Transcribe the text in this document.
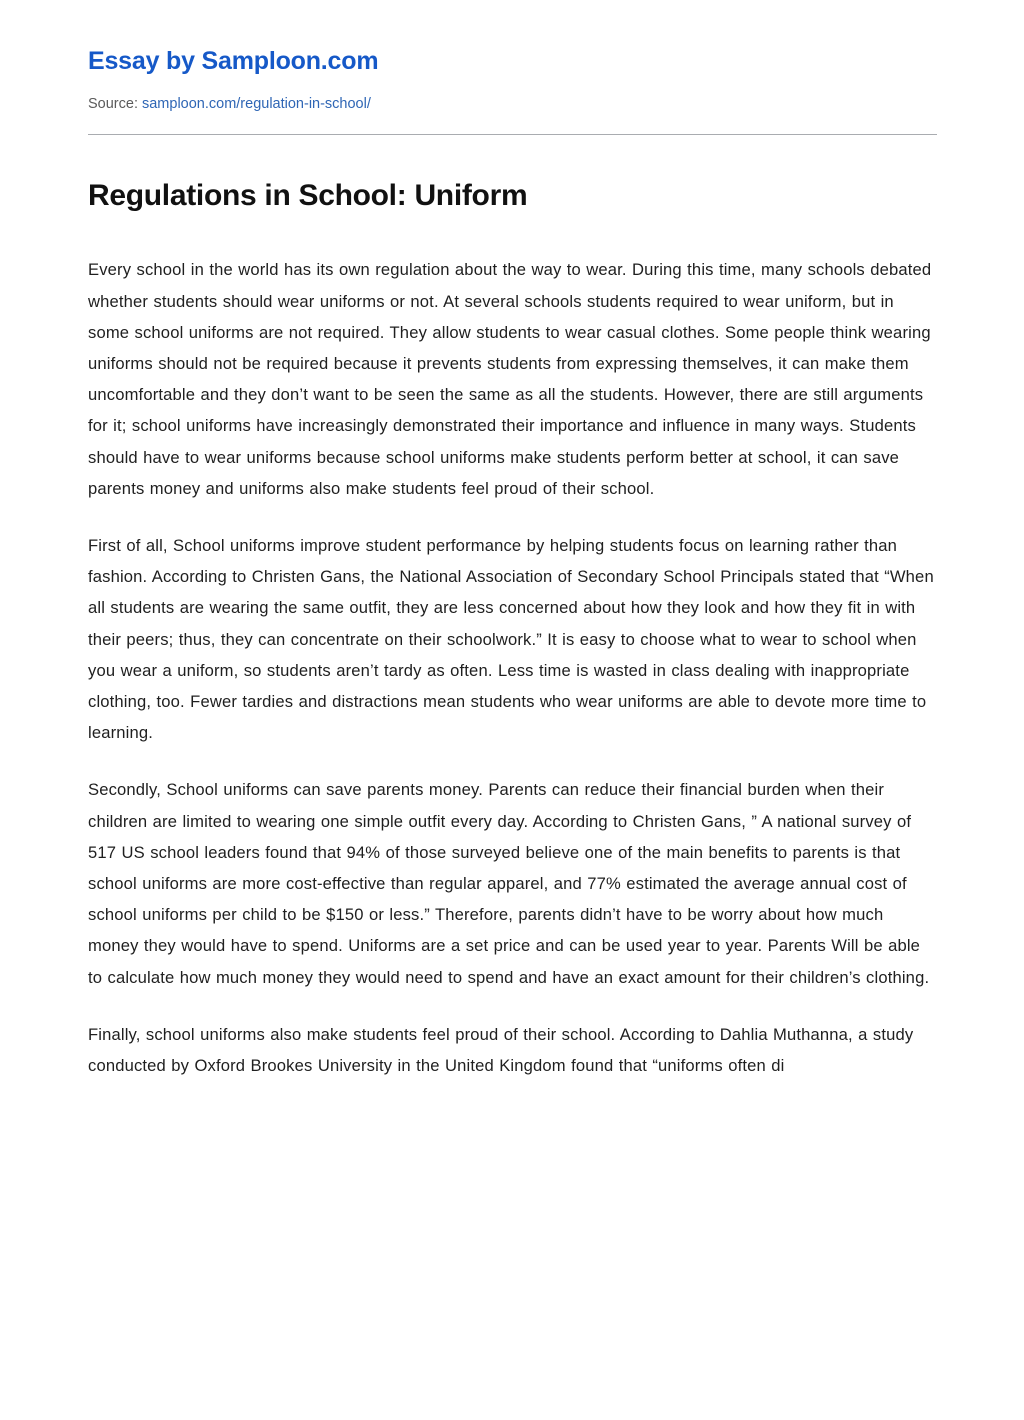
Essay by Samploon.com
Source: samploon.com/regulation-in-school/
Regulations in School: Uniform

Every school in the world has its own regulation about the way to wear. During this time, many schools debated whether students should wear uniforms or not. At several schools students required to wear uniform, but in some school uniforms are not required. They allow students to wear casual clothes. Some people think wearing uniforms should not be required because it prevents students from expressing themselves, it can make them uncomfortable and they don’t want to be seen the same as all the students. However, there are still arguments for it; school uniforms have increasingly demonstrated their importance and influence in many ways. Students should have to wear uniforms because school uniforms make students perform better at school, it can save parents money and uniforms also make students feel proud of their school.

First of all, School uniforms improve student performance by helping students focus on learning rather than fashion. According to Christen Gans, the National Association of Secondary School Principals stated that “When all students are wearing the same outfit, they are less concerned about how they look and how they fit in with their peers; thus, they can concentrate on their schoolwork.” It is easy to choose what to wear to school when you wear a uniform, so students aren’t tardy as often. Less time is wasted in class dealing with inappropriate clothing, too. Fewer tardies and distractions mean students who wear uniforms are able to devote more time to learning.

Secondly, School uniforms can save parents money. Parents can reduce their financial burden when their children are limited to wearing one simple outfit every day. According to Christen Gans, ” A national survey of 517 US school leaders found that 94% of those surveyed believe one of the main benefits to parents is that school uniforms are more cost-effective than regular apparel, and 77% estimated the average annual cost of school uniforms per child to be $150 or less.” Therefore, parents didn’t have to be worry about how much money they would have to spend. Uniforms are a set price and can be used year to year. Parents Will be able to calculate how much money they would need to spend and have an exact amount for their children’s clothing.

Finally, school uniforms also make students feel proud of their school. According to Dahlia Muthanna, a study conducted by Oxford Brookes University in the United Kingdom found that “uniforms often di
